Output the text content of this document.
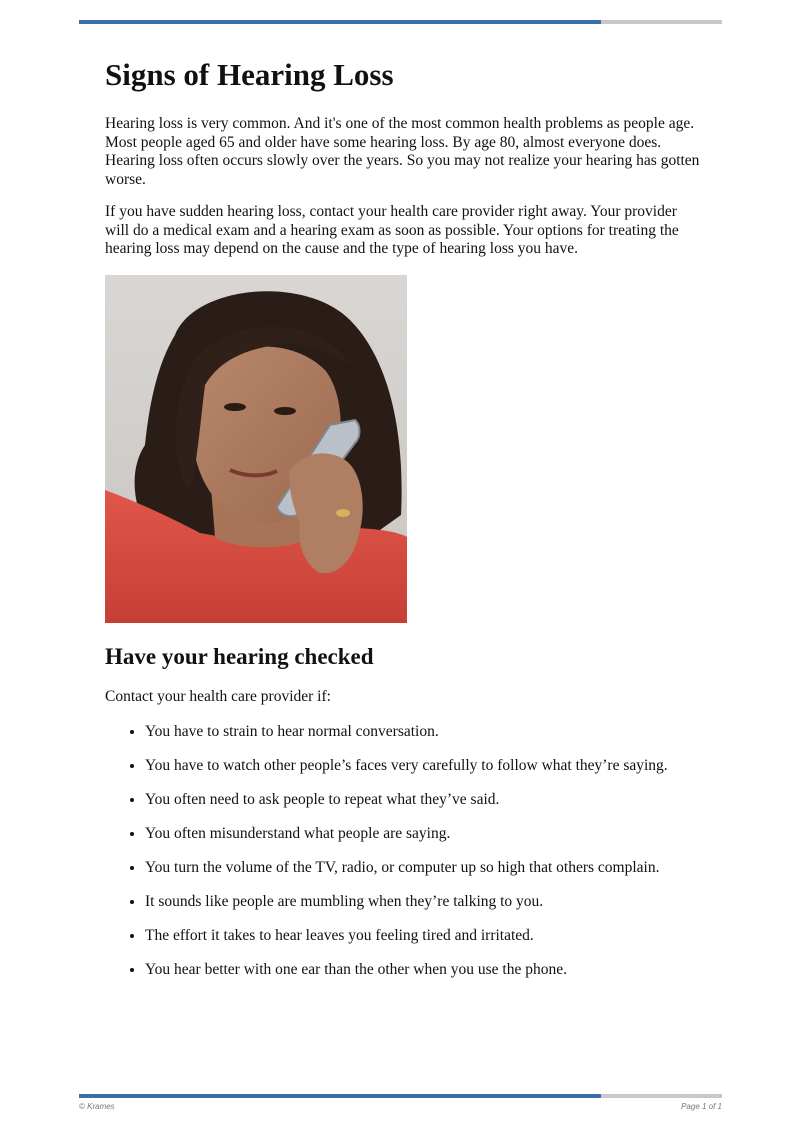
Signs of Hearing Loss

Hearing loss is very common. And it's one of the most common health problems as people age. Most people aged 65 and older have some hearing loss. By age 80, almost everyone does. Hearing loss often occurs slowly over the years. So you may not realize your hearing has gotten worse.

If you have sudden hearing loss, contact your health care provider right away. Your provider will do a medical exam and a hearing exam as soon as possible. Your options for treating the hearing loss may depend on the cause and the type of hearing loss you have.

Have your hearing checked

Contact your health care provider if:

• You have to strain to hear normal conversation.
• You have to watch other people’s faces very carefully to follow what they’re saying.
• You often need to ask people to repeat what they’ve said.
• You often misunderstand what people are saying.
• You turn the volume of the TV, radio, or computer up so high that others complain.
• It sounds like people are mumbling when they’re talking to you.
• The effort it takes to hear leaves you feeling tired and irritated.
• You hear better with one ear than the other when you use the phone.
© Krames	Page 1 of 1
